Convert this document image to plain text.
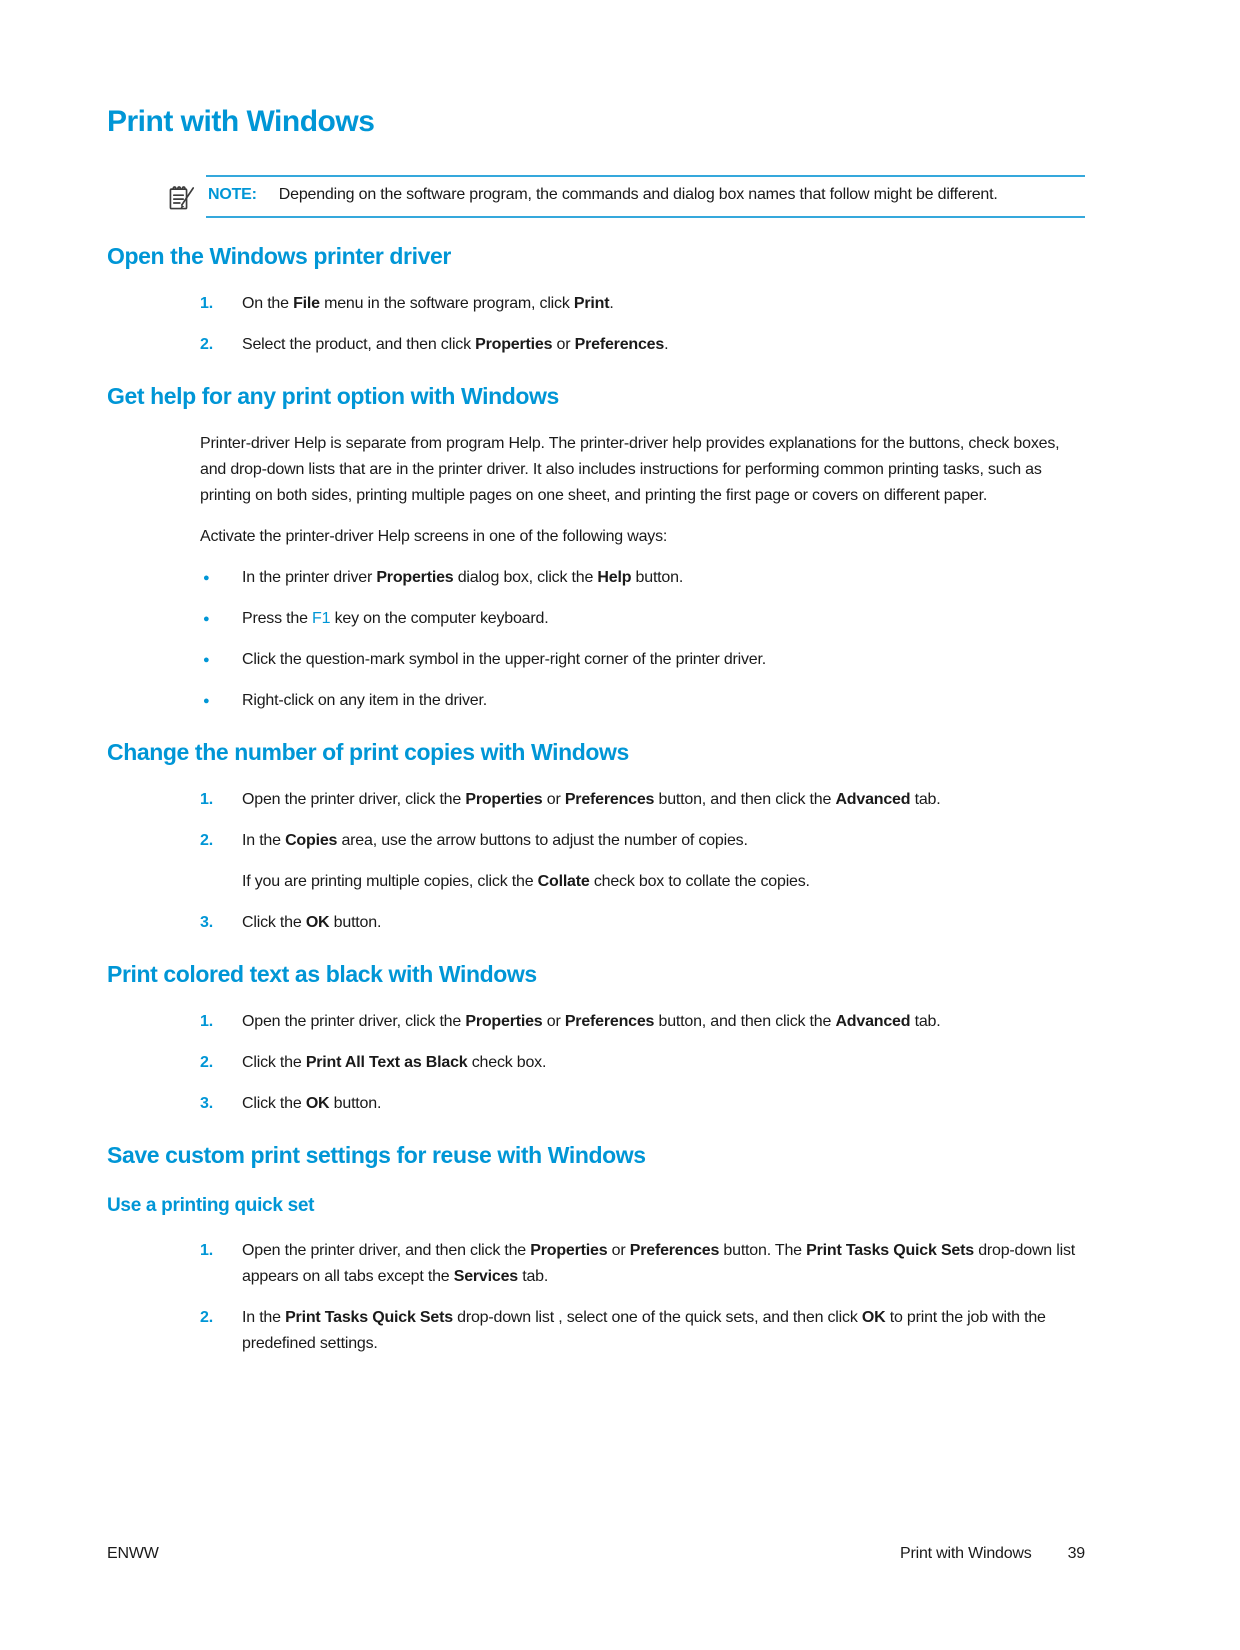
Print with Windows

NOTE: Depending on the software program, the commands and dialog box names that follow might be different.

Open the Windows printer driver
1.	On the File menu in the software program, click Print.
2.	Select the product, and then click Properties or Preferences.
Get help for any print option with Windows

Printer-driver Help is separate from program Help. The printer-driver help provides explanations for the buttons, check boxes, and drop-down lists that are in the printer driver. It also includes instructions for performing common printing tasks, such as printing on both sides, printing multiple pages on one sheet, and printing the first page or covers on different paper.

Activate the printer-driver Help screens in one of the following ways:

●	In the printer driver Properties dialog box, click the Help button.
●	Press the F1 key on the computer keyboard.
●	Click the question-mark symbol in the upper-right corner of the printer driver.
●	Right-click on any item in the driver.
Change the number of print copies with Windows
1.	Open the printer driver, click the Properties or Preferences button, and then click the Advanced tab.
2.	In the Copies area, use the arrow buttons to adjust the number of copies.

If you are printing multiple copies, click the Collate check box to collate the copies.

3.	Click the OK button.
Print colored text as black with Windows
1.	Open the printer driver, click the Properties or Preferences button, and then click the Advanced tab.
2.	Click the Print All Text as Black check box.
3.	Click the OK button.
Save custom print settings for reuse with Windows
Use a printing quick set
1.	Open the printer driver, and then click the Properties or Preferences button. The Print Tasks Quick Sets drop-down list appears on all tabs except the Services tab.
2.	In the Print Tasks Quick Sets drop-down list , select one of the quick sets, and then click OK to print the job with the predefined settings.
ENWW	Print with Windows 39
